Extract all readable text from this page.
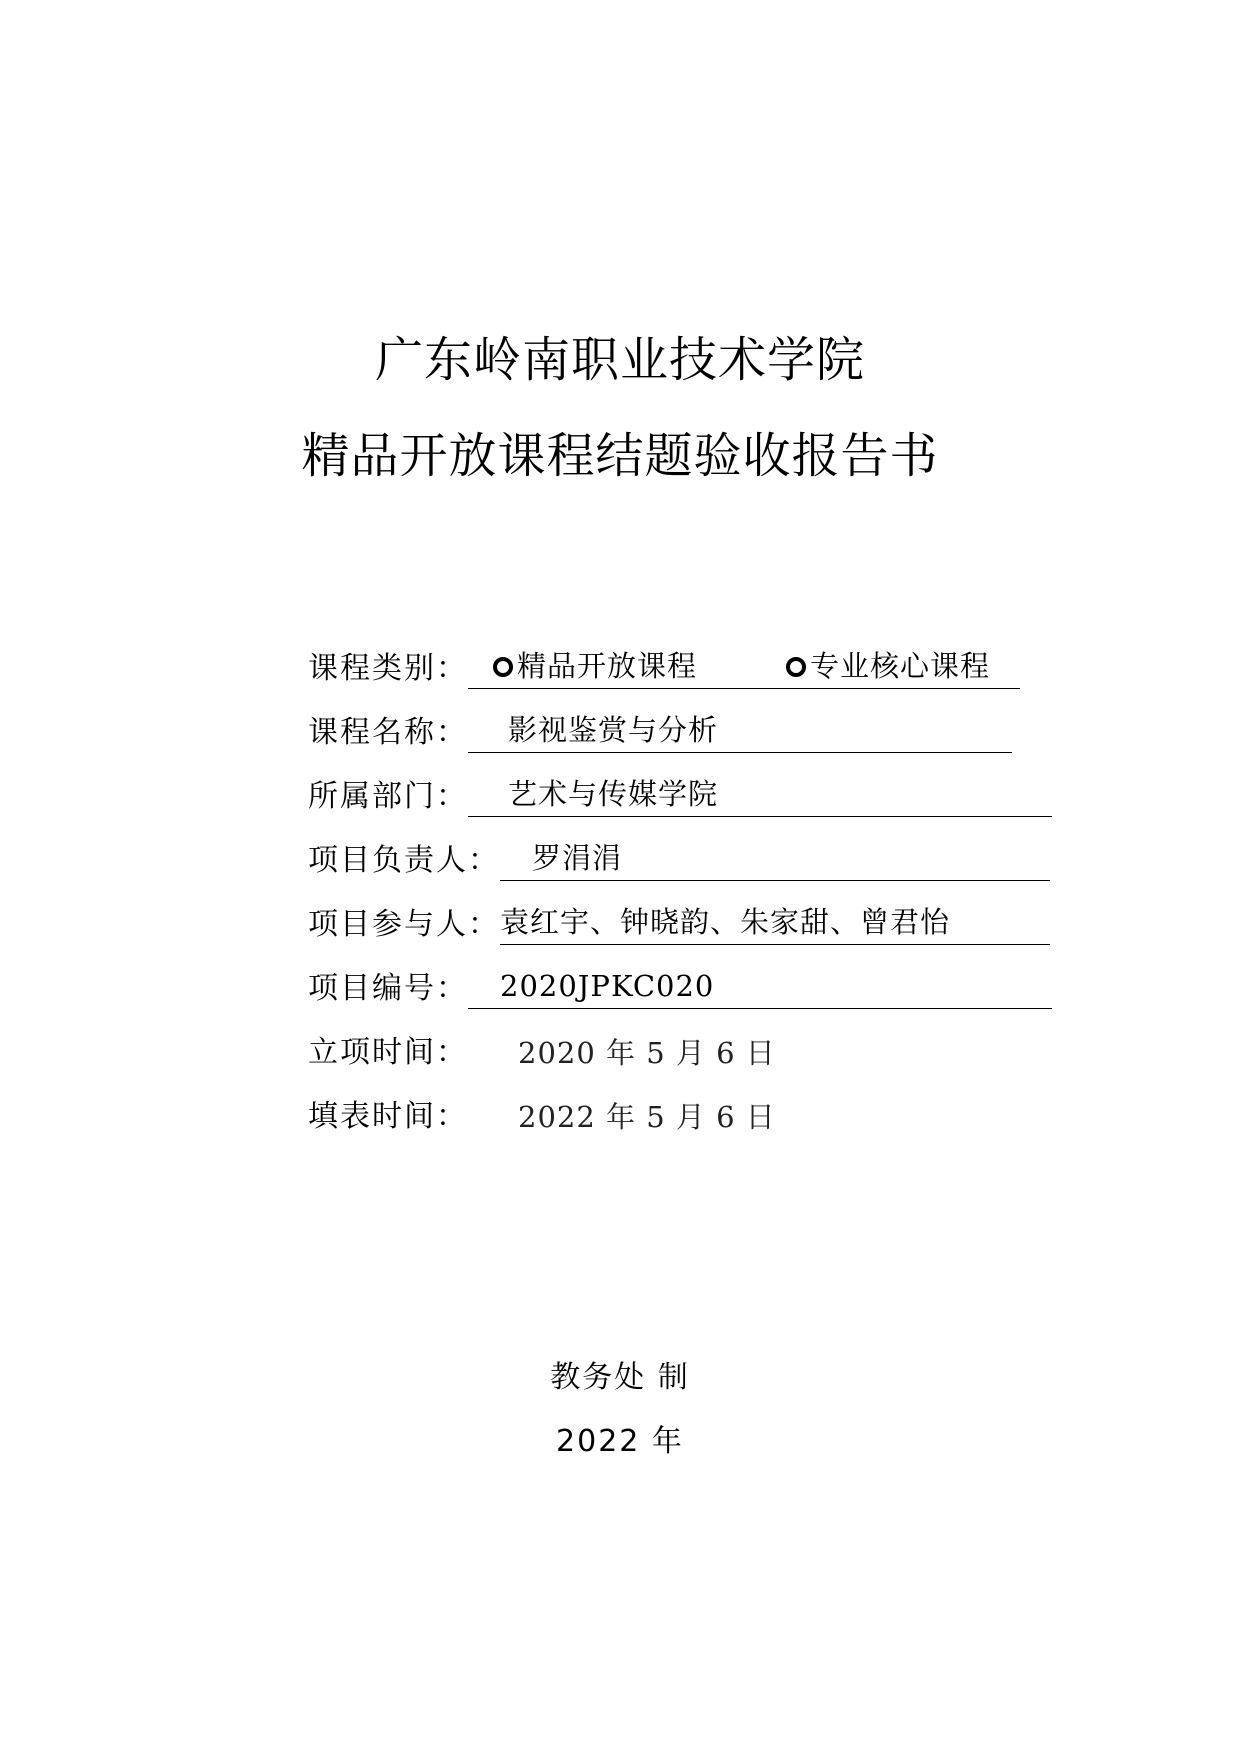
广东岭南职业技术学院
精品开放课程结题验收报告书
课程类别：	精品开放课程	专业核心课程
课程名称： 影视鉴赏与分析
所属部门： 艺术与传媒学院
项目负责人： 罗涓涓
项目参与人： 袁红宇、钟晓韵、朱家甜、曾君怡
项目编号： 2020JPKC020
立项时间： 2020 年 5 月 6 日
填表时间： 2022 年 5 月 6 日
教务处 制
2022 年
